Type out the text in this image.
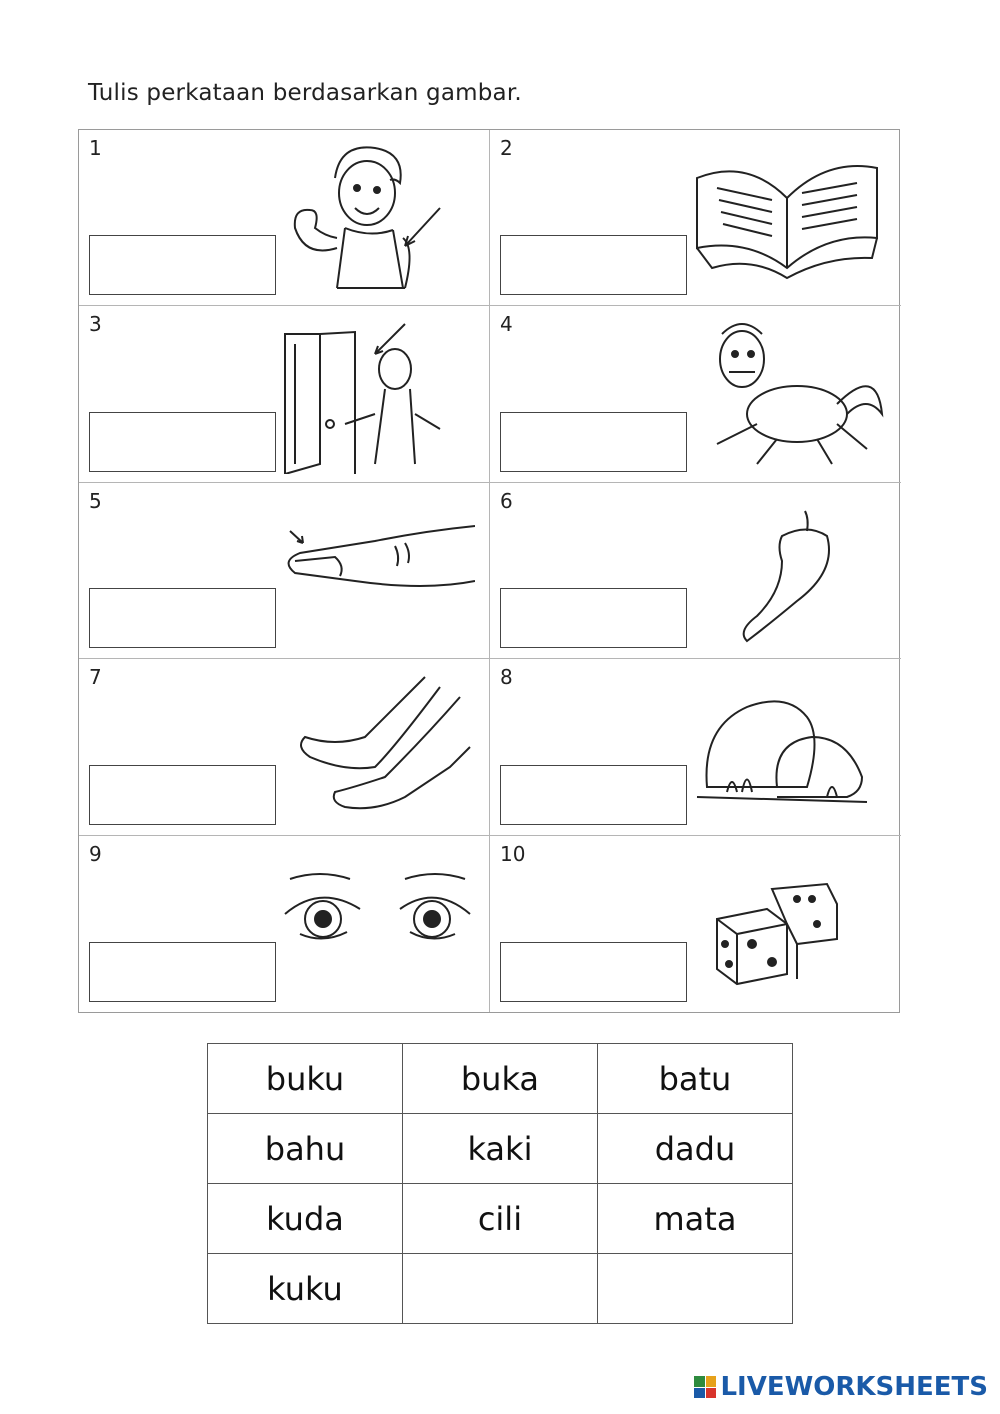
Tulis perkataan berdasarkan gambar.
1	2
3	4
5	6
7	8
9	10
buku	buka	batu
bahu	kaki	dadu
kuda	cili	mata
kuku		
LIVEWORKSHEETS
